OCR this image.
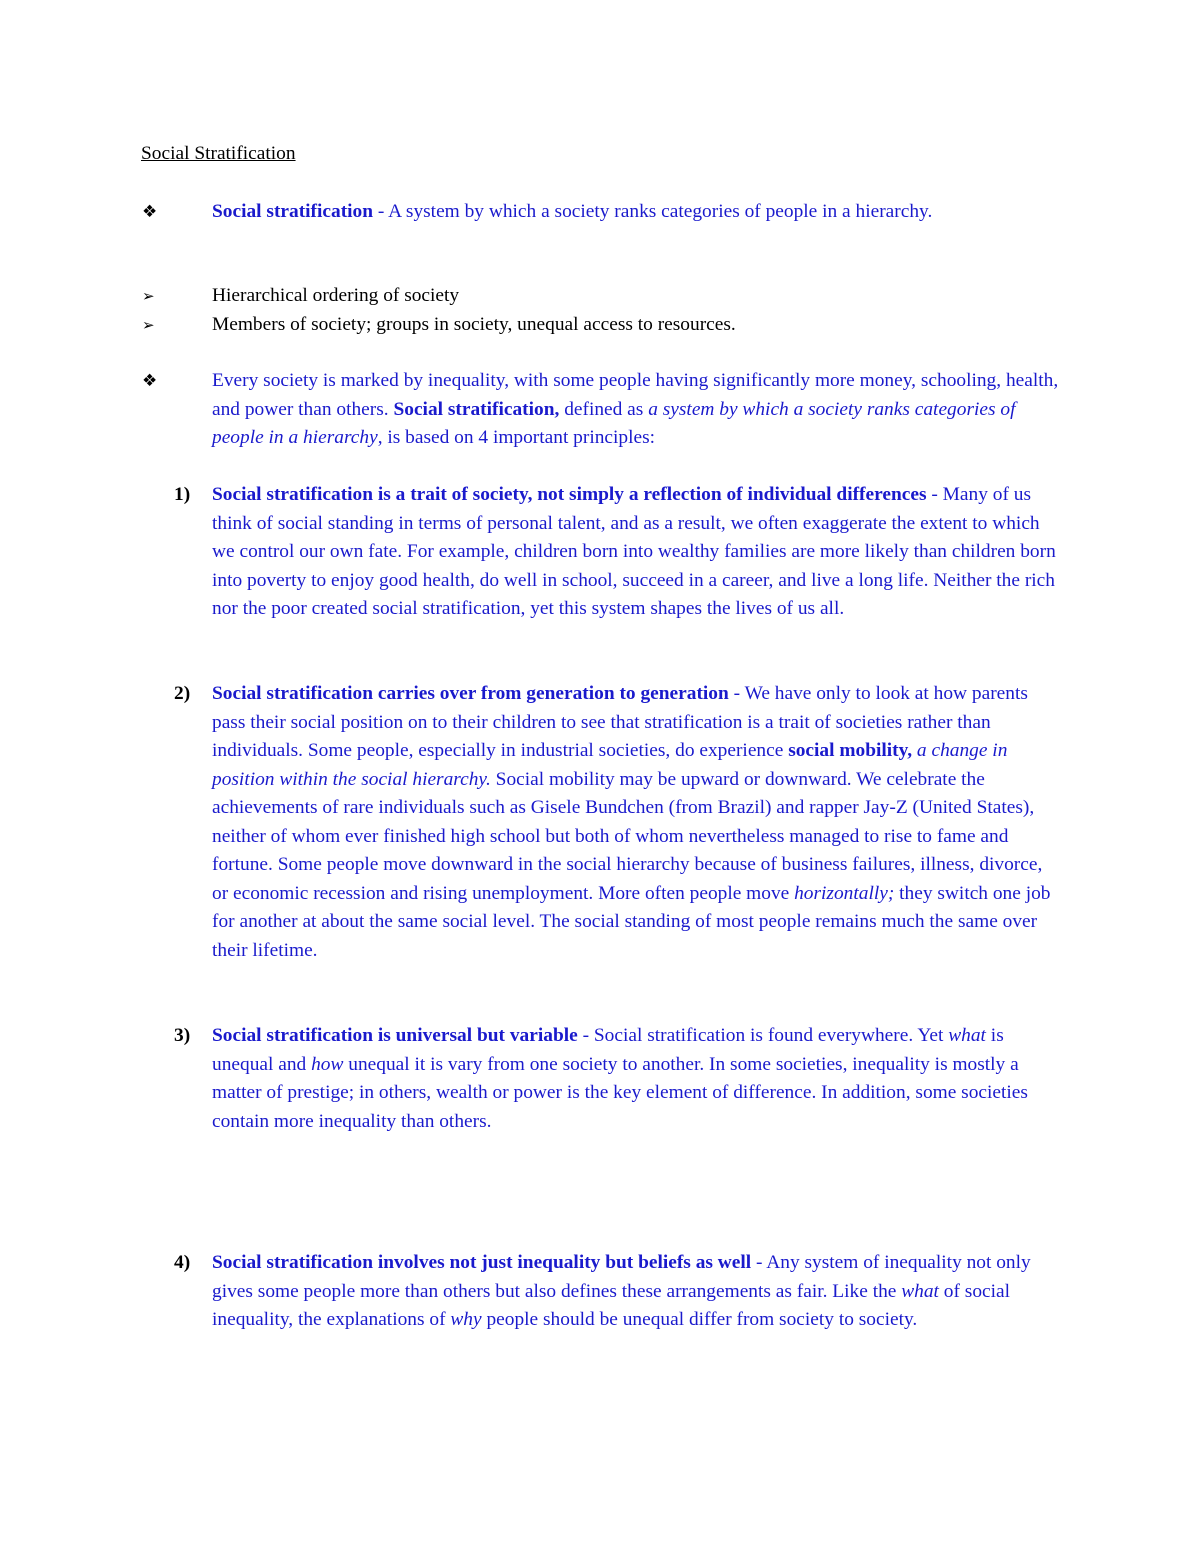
Social Stratification
❖	Social stratification - A system by which a society ranks categories of people in a hierarchy.
➢	Hierarchical ordering of society
➢	Members of society; groups in society, unequal access to resources.
❖	Every society is marked by inequality, with some people having significantly more money, schooling, health, and power than others. Social stratification, defined as a system by which a society ranks categories of people in a hierarchy, is based on 4 important principles:
1)	Social stratification is a trait of society, not simply a reflection of individual differences - Many of us think of social standing in terms of personal talent, and as a result, we often exaggerate the extent to which we control our own fate. For example, children born into wealthy families are more likely than children born into poverty to enjoy good health, do well in school, succeed in a career, and live a long life. Neither the rich nor the poor created social stratification, yet this system shapes the lives of us all.
2)	Social stratification carries over from generation to generation - We have only to look at how parents pass their social position on to their children to see that stratification is a trait of societies rather than individuals. Some people, especially in industrial societies, do experience social mobility, a change in position within the social hierarchy. Social mobility may be upward or downward. We celebrate the achievements of rare individuals such as Gisele Bundchen (from Brazil) and rapper Jay-Z (United States), neither of whom ever finished high school but both of whom nevertheless managed to rise to fame and fortune. Some people move downward in the social hierarchy because of business failures, illness, divorce, or economic recession and rising unemployment. More often people move horizontally; they switch one job for another at about the same social level. The social standing of most people remains much the same over their lifetime.
3)	Social stratification is universal but variable - Social stratification is found everywhere. Yet what is unequal and how unequal it is vary from one society to another. In some societies, inequality is mostly a matter of prestige; in others, wealth or power is the key element of difference. In addition, some societies contain more inequality than others.
4)	Social stratification involves not just inequality but beliefs as well - Any system of inequality not only gives some people more than others but also defines these arrangements as fair. Like the what of social inequality, the explanations of why people should be unequal differ from society to society.
